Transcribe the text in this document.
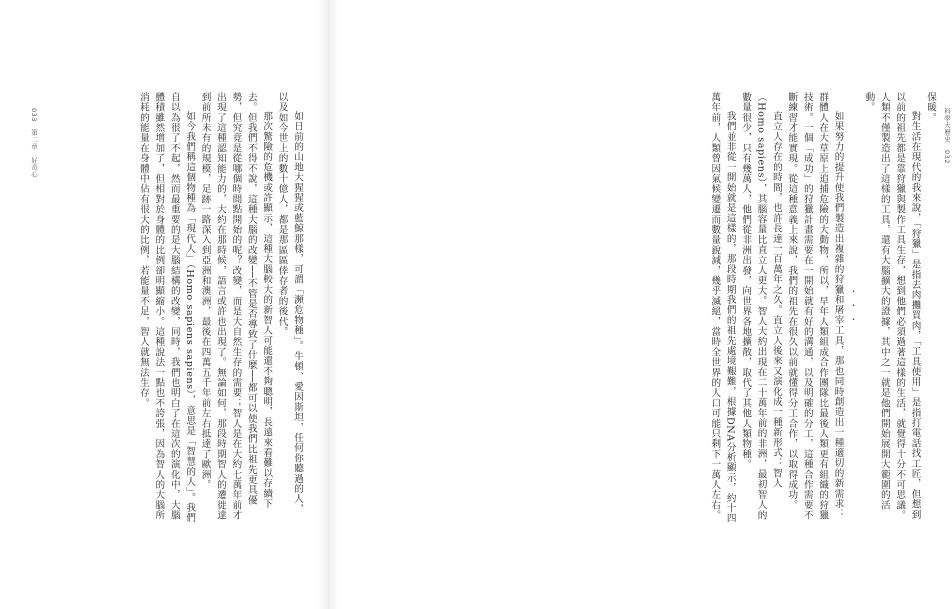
033　第二章　好奇心	如日前的山地大猩猩或藍鯨那樣，可謂「瀕危物種」。牛頓、愛因斯坦，任何你聽過的人，以及如今世上的數十億人，都是那區區倖存者的後代。

那次驚險的危機或許顯示，這種大腦較大的新智人可能還不夠聰明，長遠來看難以存續下去。但我們不得不說，這種大腦的改變──不管是否導致了什麼──都可以使我們比祖先更具優勢，但究竟是從哪個時間點開始的呢？改變，而是大自然生存的需要；智人是在大約七萬年前才出現了這種認知能力的，大約在那時候，語言或許也出現了。無論如何，那段時期智人的遷徙達到前所未有的規模，足跡一路深入到亞洲和澳洲，最後在四萬五千年前左右抵達了歐洲。

如今我們稱這個物種為「現代人」（Homo sapiens sapiens），意思是「智慧的人」。我們自以為很了不起，然而最重要的是大腦結構的改變，同時，我們也明白了在這次的演化中，大腦體積雖然增加了，但相對於身體的比例卻明顯縮小。這種說法一點也不誇張，因為智人的大腦所消耗的能量在身體中佔有很大的比例，若能量不足，智人就無法生存。	科學大歷史　032

保暖。

對生活在現代的我來說，「狩獵」是指去肉攤買肉，「工具使用」是指打電話找工匠，但想到以前的祖先都是靠狩獵與製作工具生存，想到他們必須過著這樣的生活，就覺得十分不可思議。人類不僅製造出了這樣的工具，還有大腦擴大的證據，其中之一就是他們開始展開大範圍的活動。

・・・

如果努力的提升使我們製造出複雜的狩獵和屠宰工具，那也同時創造出一種適切的新需求：群體人在大草原上追捕危險的大動物，所以，早年人類組成合作團隊比最後人類更有組織的狩獵技術。一個「成功」的狩獵計畫需要在一開始就有好的溝通，以及明確的分工，這種合作需要不斷練習才能實現。從這種意義上來說，我們的祖先在很久以前就懂得分工合作，以取得成功。

直立人存在的時間，也許長達一百萬年之久。直立人後來又演化成一種新形式：智人（Homo sapiens），其腦容量比直立人更大。智人大約出現在二十萬年前的非洲，最初智人的數量很少，只有幾萬人，他們從非洲出發，向世界各地擴散，取代了其他人類物種。

我們並非從一開始就是這樣的，那段時期我們的祖先處境艱難，根據DNA分析顯示，約十四萬年前，人類曾因氣候變遷而數量銳減，幾乎滅絕，當時全世界的人口可能只剩下一萬人左右。
